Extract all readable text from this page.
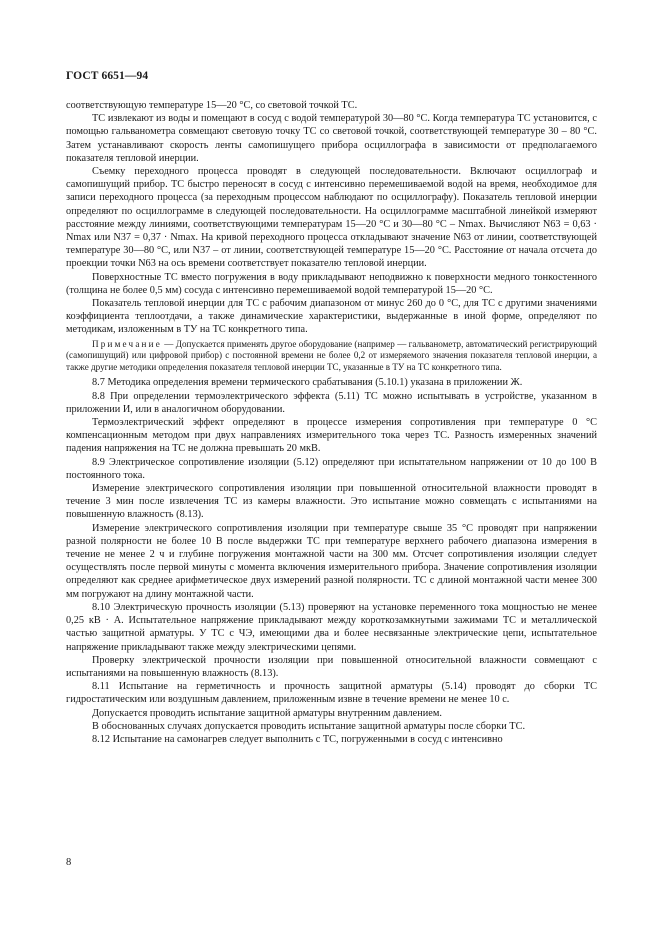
ГОСТ 6651—94

соответствующую температуре 15—20 °С, со световой точкой ТС.

ТС извлекают из воды и помещают в сосуд с водой температурой 30—80 °С. Когда температура ТС установится, с помощью гальванометра совмещают световую точку ТС со световой точкой, соответствующей температуре 30 – 80 °С. Затем устанавливают скорость ленты самопишущего прибора осциллографа в зависимости от предполагаемого показателя тепловой инерции.

Съемку переходного процесса проводят в следующей последовательности. Включают осциллограф и самопишущий прибор. ТС быстро переносят в сосуд с интенсивно перемешиваемой водой на время, необходимое для записи переходного процесса (за переходным процессом наблюдают по осциллографу). Показатель тепловой инерции определяют по осциллограмме в следующей последовательности. На осциллограмме масштабной линейкой измеряют расстояние между линиями, соответствующими температурам 15—20 °С и 30—80 °С – Nmax. Вычисляют N63 = 0,63 · Nmax или N37 = 0,37 · Nmax. На кривой переходного процесса откладывают значение N63 от линии, соответствующей температуре 30—80 °С, или N37 – от линии, соответствующей температуре 15—20 °С. Расстояние от начала отсчета до проекции точки N63 на ось времени соответствует показателю тепловой инерции.

Поверхностные ТС вместо погружения в воду прикладывают неподвижно к поверхности медного тонкостенного (толщина не более 0,5 мм) сосуда с интенсивно перемешиваемой водой температурой 15—20 °С.

Показатель тепловой инерции для ТС с рабочим диапазоном от минус 260 до 0 °С, для ТС с другими значениями коэффициента теплоотдачи, а также динамические характеристики, выдержанные в иной форме, определяют по методикам, изложенным в ТУ на ТС конкретного типа.

Примечание — Допускается применять другое оборудование (например — гальванометр, автоматический регистрирующий (самопишущий) или цифровой прибор) с постоянной времени не более 0,2 от измеряемого значения показателя тепловой инерции, а также другие методики определения показателя тепловой инерции ТС, указанные в ТУ на ТС конкретного типа.

8.7 Методика определения времени термического срабатывания (5.10.1) указана в приложении Ж.

8.8 При определении термоэлектрического эффекта (5.11) ТС можно испытывать в устройстве, указанном в приложении И, или в аналогичном оборудовании.

Термоэлектрический эффект определяют в процессе измерения сопротивления при температуре 0 °С компенсационным методом при двух направлениях измерительного тока через ТС. Разность измеренных значений падения напряжения на ТС не должна превышать 20 мкВ.

8.9 Электрическое сопротивление изоляции (5.12) определяют при испытательном напряжении от 10 до 100 В постоянного тока.

Измерение электрического сопротивления изоляции при повышенной относительной влажности проводят в течение 3 мин после извлечения ТС из камеры влажности. Это испытание можно совмещать с испытаниями на повышенную влажность (8.13).

Измерение электрического сопротивления изоляции при температуре свыше 35 °С проводят при напряжении разной полярности не более 10 В после выдержки ТС при температуре верхнего рабочего диапазона измерения в течение не менее 2 ч и глубине погружения монтажной части на 300 мм. Отсчет сопротивления изоляции следует осуществлять после первой минуты с момента включения измерительного прибора. Значение сопротивления изоляции определяют как среднее арифметическое двух измерений разной полярности. ТС с длиной монтажной части менее 300 мм погружают на длину монтажной части.

8.10 Электрическую прочность изоляции (5.13) проверяют на установке переменного тока мощностью не менее 0,25 кВ · А. Испытательное напряжение прикладывают между короткозамкнутыми зажимами ТС и металлической частью защитной арматуры. У ТС с ЧЭ, имеющими два и более несвязанные электрические цепи, испытательное напряжение прикладывают также между электрическими цепями.

Проверку электрической прочности изоляции при повышенной относительной влажности совмещают с испытаниями на повышенную влажность (8.13).

8.11 Испытание на герметичность и прочность защитной арматуры (5.14) проводят до сборки ТС гидростатическим или воздушным давлением, приложенным извне в течение времени не менее 10 с.

Допускается проводить испытание защитной арматуры внутренним давлением.

В обоснованных случаях допускается проводить испытание защитной арматуры после сборки ТС.

8.12 Испытание на самонагрев следует выполнить с ТС, погруженными в сосуд с интенсивно

8
